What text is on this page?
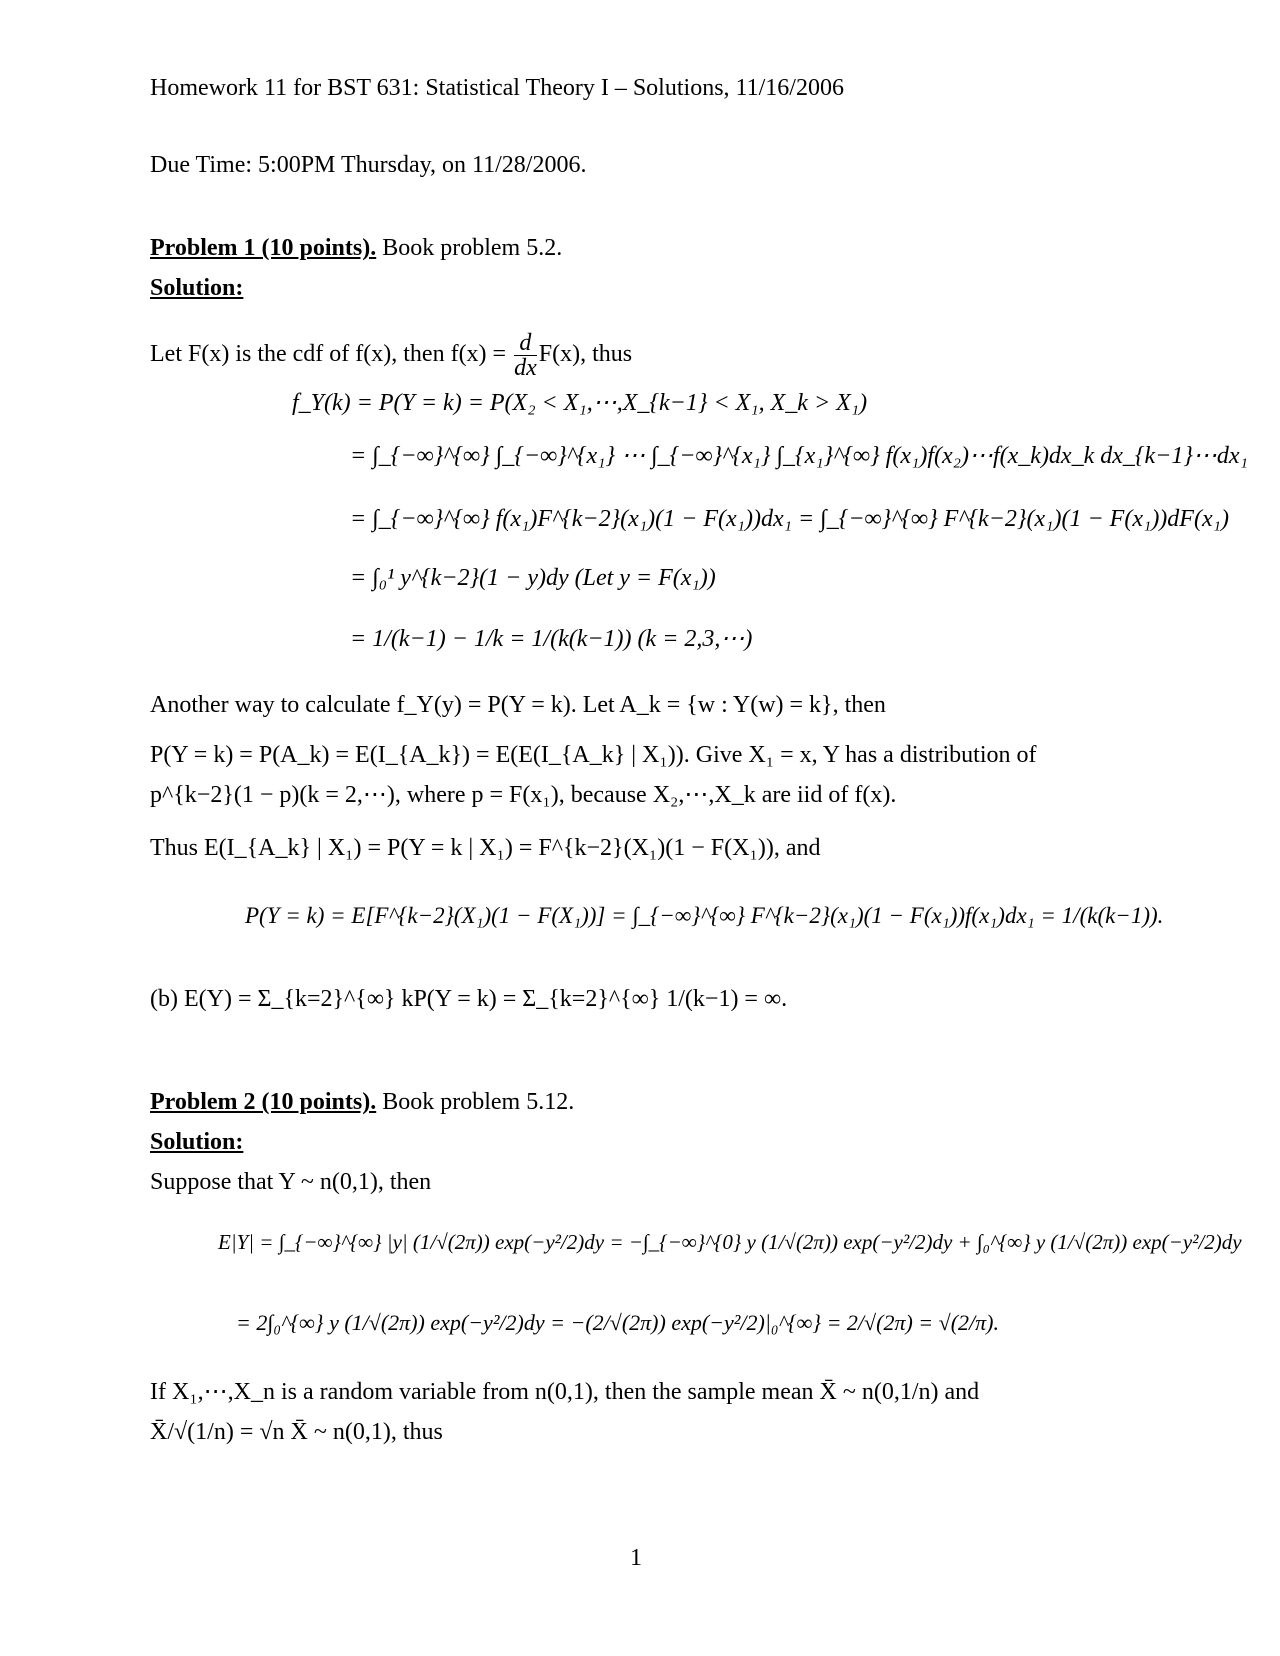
Homework 11 for BST 631: Statistical Theory I – Solutions, 11/16/2006
Due Time: 5:00PM Thursday, on 11/28/2006.
Problem 1 (10 points). Book problem 5.2.
Solution:
Let F(x) is the cdf of f(x), then $f(x) = \frac{d}{dx} F(x)$, thus
f_Y(k) = P(Y = k) = P(X₂ < X₁,⋯,X_{k−1} < X₁, X_k > X₁)
= ∫_{−∞}^{∞} ∫_{−∞}^{x₁} ⋯ ∫_{−∞}^{x₁} ∫_{x₁}^{∞} f(x₁)f(x₂)⋯f(x_k)dx_k dx_{k−1}⋯dx₁
= ∫_{−∞}^{∞} f(x₁)F^{k−2}(x₁)(1 − F(x₁))dx₁ = ∫_{−∞}^{∞} F^{k−2}(x₁)(1 − F(x₁))dF(x₁)
= ∫₀¹ y^{k−2}(1 − y)dy (Let y = F(x₁))
= 1/(k−1) − 1/k = 1/(k(k−1)) (k = 2,3,⋯)
Another way to calculate f_Y(y) = P(Y = k). Let A_k = {w : Y(w) = k}, then
P(Y = k) = P(A_k) = E(I_{A_k}) = E(E(I_{A_k} | X₁)). Give X₁ = x, Y has a distribution of
p^{k−2}(1 − p)(k = 2,⋯), where p = F(x₁), because X₂,⋯,X_k are iid of f(x).
Thus E(I_{A_k} | X₁) = P(Y = k | X₁) = F^{k−2}(X₁)(1 − F(X₁)), and
P(Y = k) = E[F^{k−2}(X₁)(1 − F(X₁))] = ∫_{−∞}^{∞} F^{k−2}(x₁)(1 − F(x₁))f(x₁)dx₁ = 1/(k(k−1)).
(b) E(Y) = Σ_{k=2}^{∞} kP(Y = k) = Σ_{k=2}^{∞} 1/(k−1) = ∞.
Problem 2 (10 points). Book problem 5.12.
Solution:
Suppose that Y ~ n(0,1), then
E|Y| = ∫_{−∞}^{∞} |y| (1/√(2π)) exp(−y²/2)dy = −∫_{−∞}^{0} y (1/√(2π)) exp(−y²/2)dy + ∫₀^{∞} y (1/√(2π)) exp(−y²/2)dy
= 2∫₀^{∞} y (1/√(2π)) exp(−y²/2)dy = −(2/√(2π)) exp(−y²/2)|₀^{∞} = 2/√(2π) = √(2/π).
If X₁,⋯,X_n is a random variable from n(0,1), then the sample mean X̄ ~ n(0,1/n) and
X̄/√(1/n) = √n X̄ ~ n(0,1), thus
1
